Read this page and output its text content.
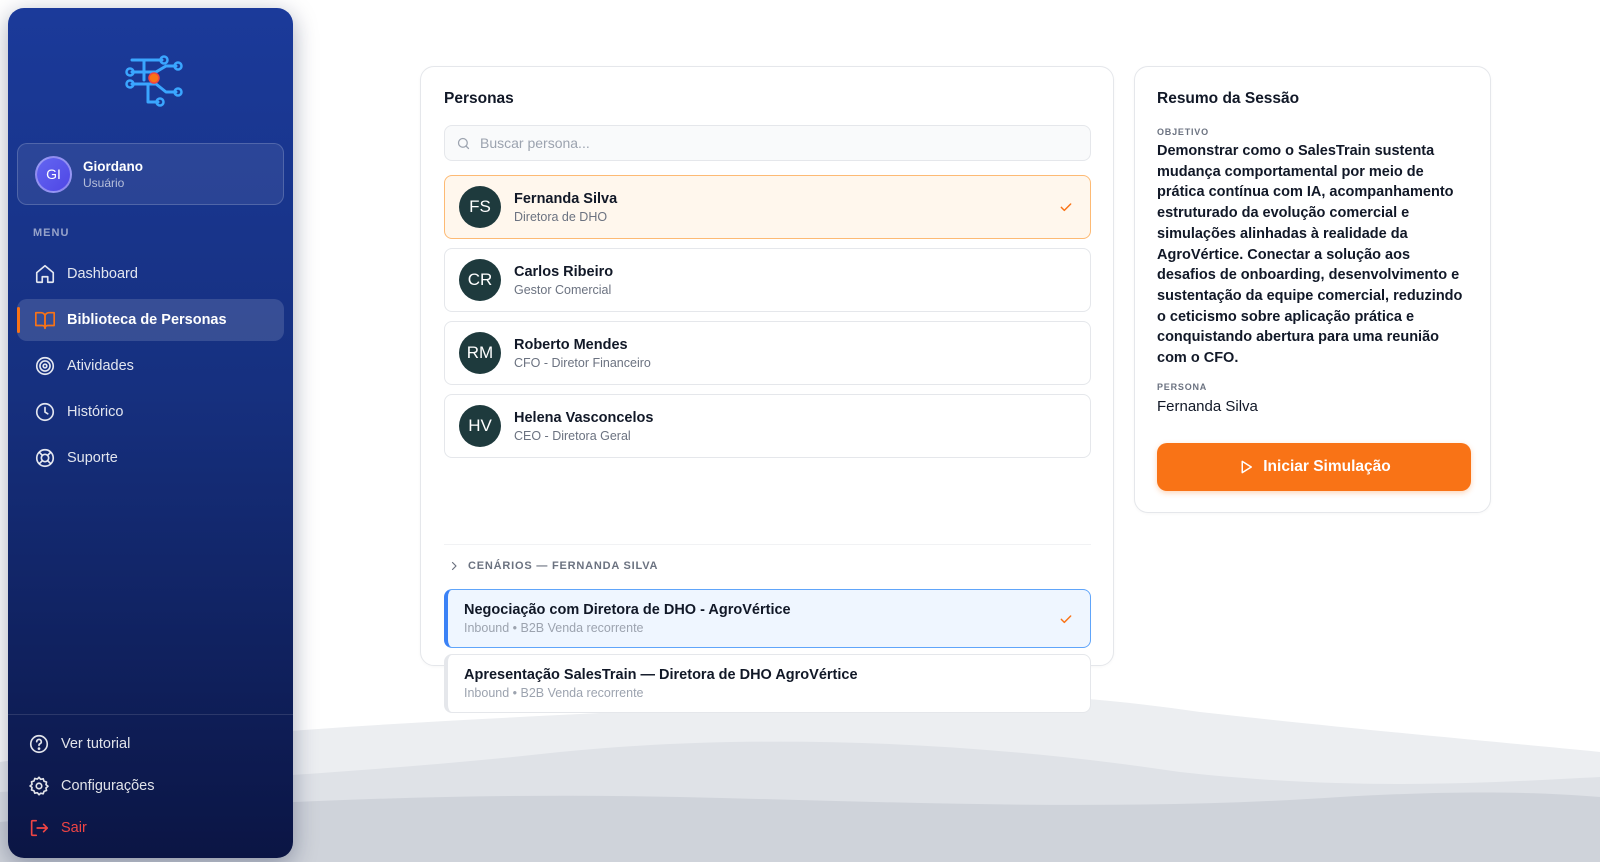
GI	Giordano
Usuário
MENU
Dashboard
Biblioteca de Personas
Atividades
Histórico
Suporte
Ver tutorial
Configurações
Sair
Personas
Buscar persona...
FS	Fernanda Silva
Diretora de DHO
CR	Carlos Ribeiro
Gestor Comercial
RM	Roberto Mendes
CFO - Diretor Financeiro
HV	Helena Vasconcelos
CEO - Diretora Geral
CENÁRIOS — FERNANDA SILVA
Negociação com Diretora de DHO - AgroVértice
Inbound • B2B Venda recorrente
Apresentação SalesTrain — Diretora de DHO AgroVértice
Inbound • B2B Venda recorrente
Resumo da Sessão
OBJETIVO
Demonstrar como o SalesTrain sustenta mudança comportamental por meio de prática contínua com IA, acompanhamento estruturado da evolução comercial e simulações alinhadas à realidade da AgroVértice. Conectar a solução aos desafios de onboarding, desenvolvimento e sustentação da equipe comercial, reduzindo o ceticismo sobre aplicação prática e conquistando abertura para uma reunião com o CFO.
PERSONA
Fernanda Silva
Iniciar Simulação
